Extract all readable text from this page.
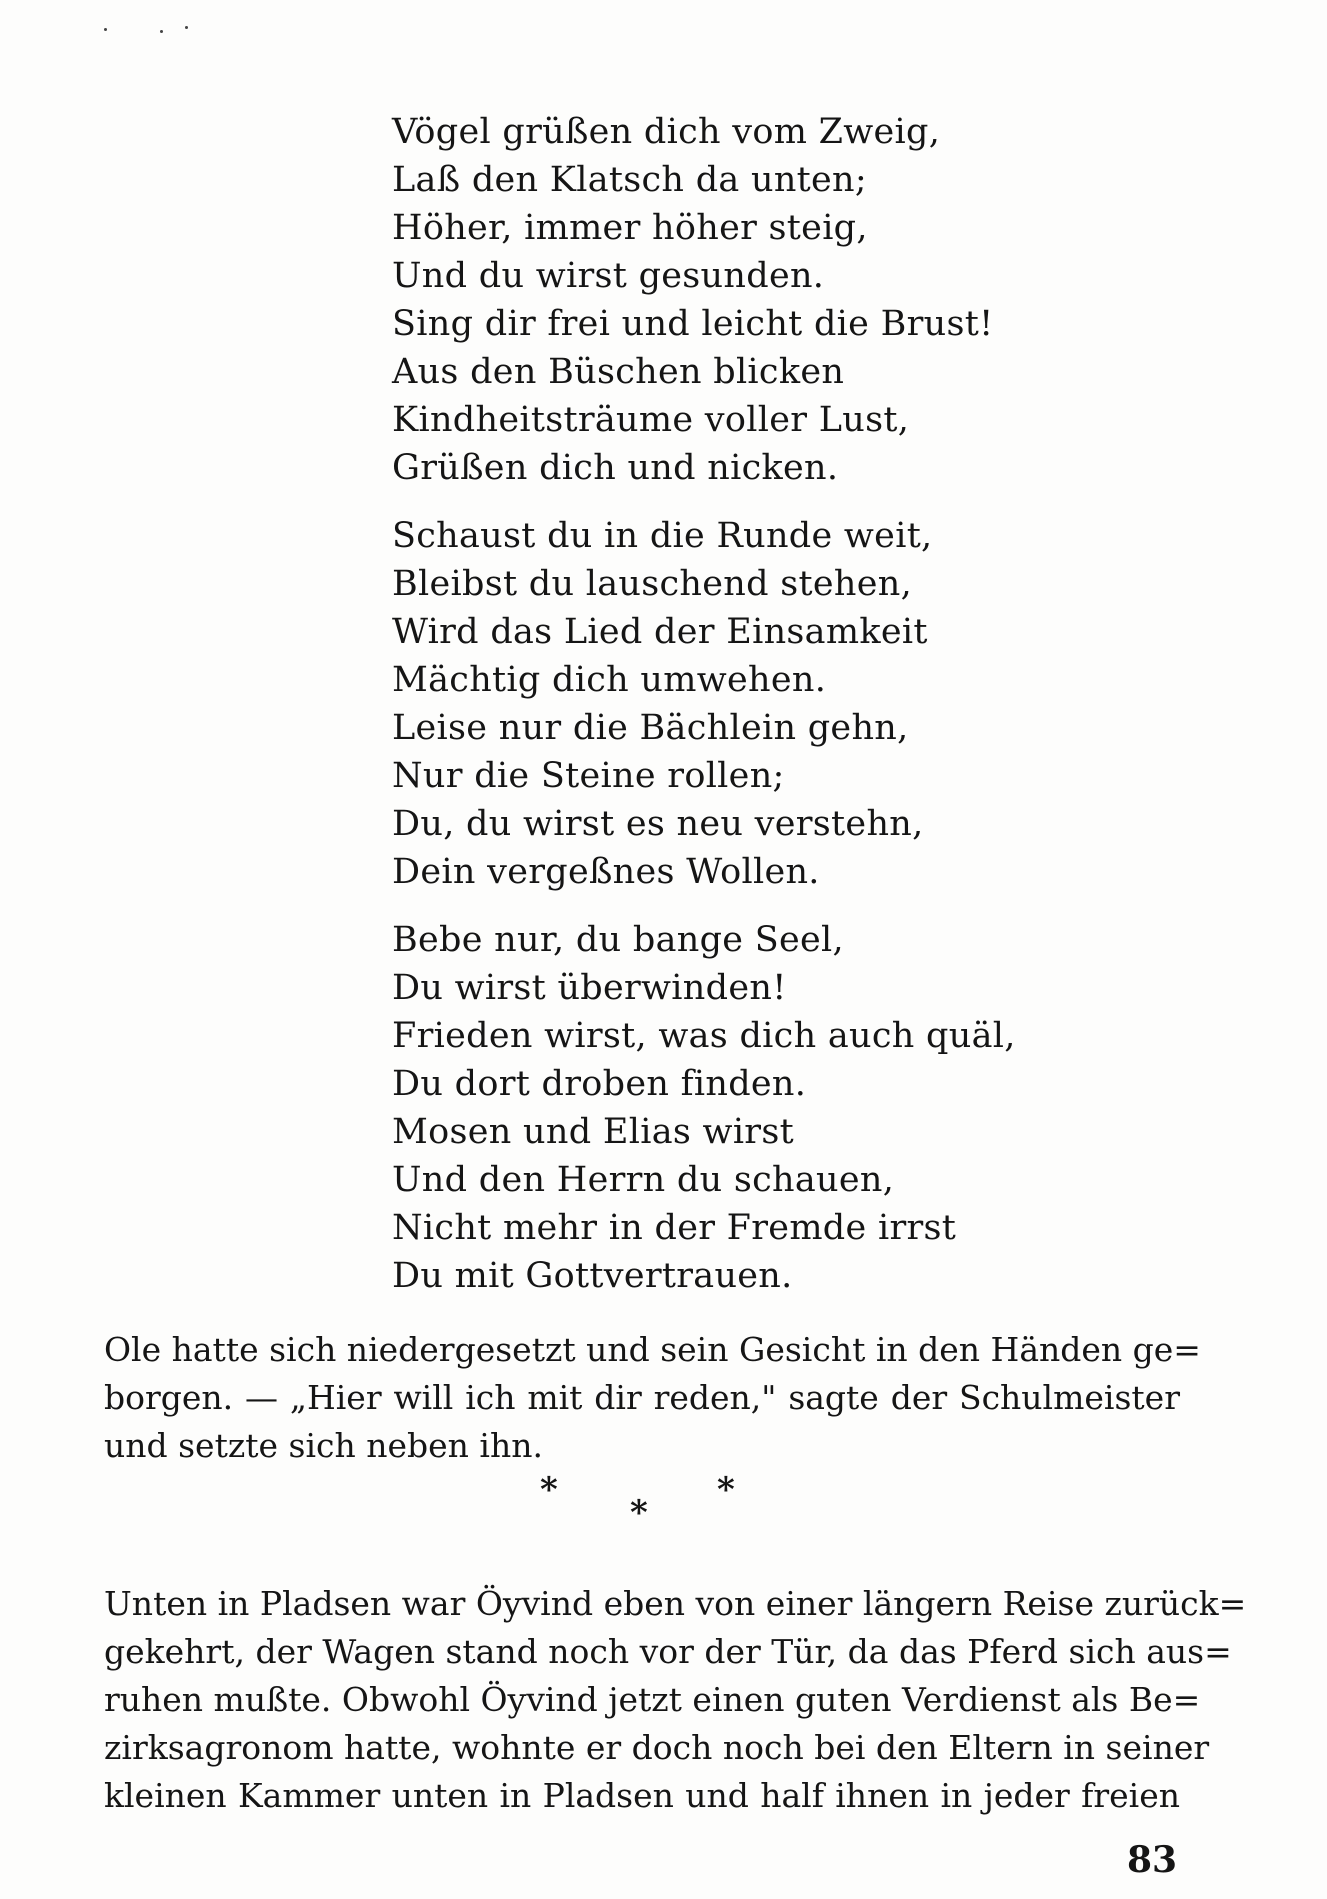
Vögel grüßen dich vom Zweig,
Laß den Klatsch da unten;
Höher, immer höher steig,
Und du wirst gesunden.
Sing dir frei und leicht die Brust!
Aus den Büschen blicken
Kindheitsträume voller Lust,
Grüßen dich und nicken.
Schaust du in die Runde weit,
Bleibst du lauschend stehen,
Wird das Lied der Einsamkeit
Mächtig dich umwehen.
Leise nur die Bächlein gehn,
Nur die Steine rollen;
Du, du wirst es neu verstehn,
Dein vergeßnes Wollen.
Bebe nur, du bange Seel,
Du wirst überwinden!
Frieden wirst, was dich auch quäl,
Du dort droben finden.
Mosen und Elias wirst
Und den Herrn du schauen,
Nicht mehr in der Fremde irrst
Du mit Gottvertrauen.
Ole hatte sich niedergesetzt und sein Gesicht in den Händen ge=
borgen. — „Hier will ich mit dir reden," sagte der Schulmeister
und setzte sich neben ihn.
*	*
*
Unten in Pladsen war Öyvind eben von einer längern Reise zurück=
gekehrt, der Wagen stand noch vor der Tür, da das Pferd sich aus=
ruhen mußte. Obwohl Öyvind jetzt einen guten Verdienst als Be=
zirksagronom hatte, wohnte er doch noch bei den Eltern in seiner
kleinen Kammer unten in Pladsen und half ihnen in jeder freien
83
